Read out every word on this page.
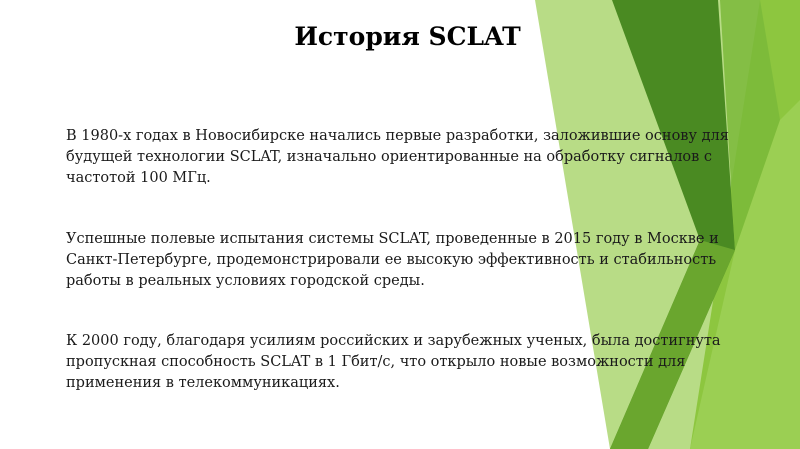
История SCLAT

В 1980-х годах в Новосибирске начались первые разработки, заложившие основу для будущей технологии SCLAT, изначально ориентированные на обработку сигналов с частотой 100 МГц.

Успешные полевые испытания системы SCLAT, проведенные в 2015 году в Москве и Санкт-Петербурге, продемонстрировали ее высокую эффективность и стабильность работы в реальных условиях городской среды.

К 2000 году, благодаря усилиям российских и зарубежных ученых, была достигнута пропускная способность SCLAT в 1 Гбит/с, что открыло новые возможности для применения в телекоммуникациях.
